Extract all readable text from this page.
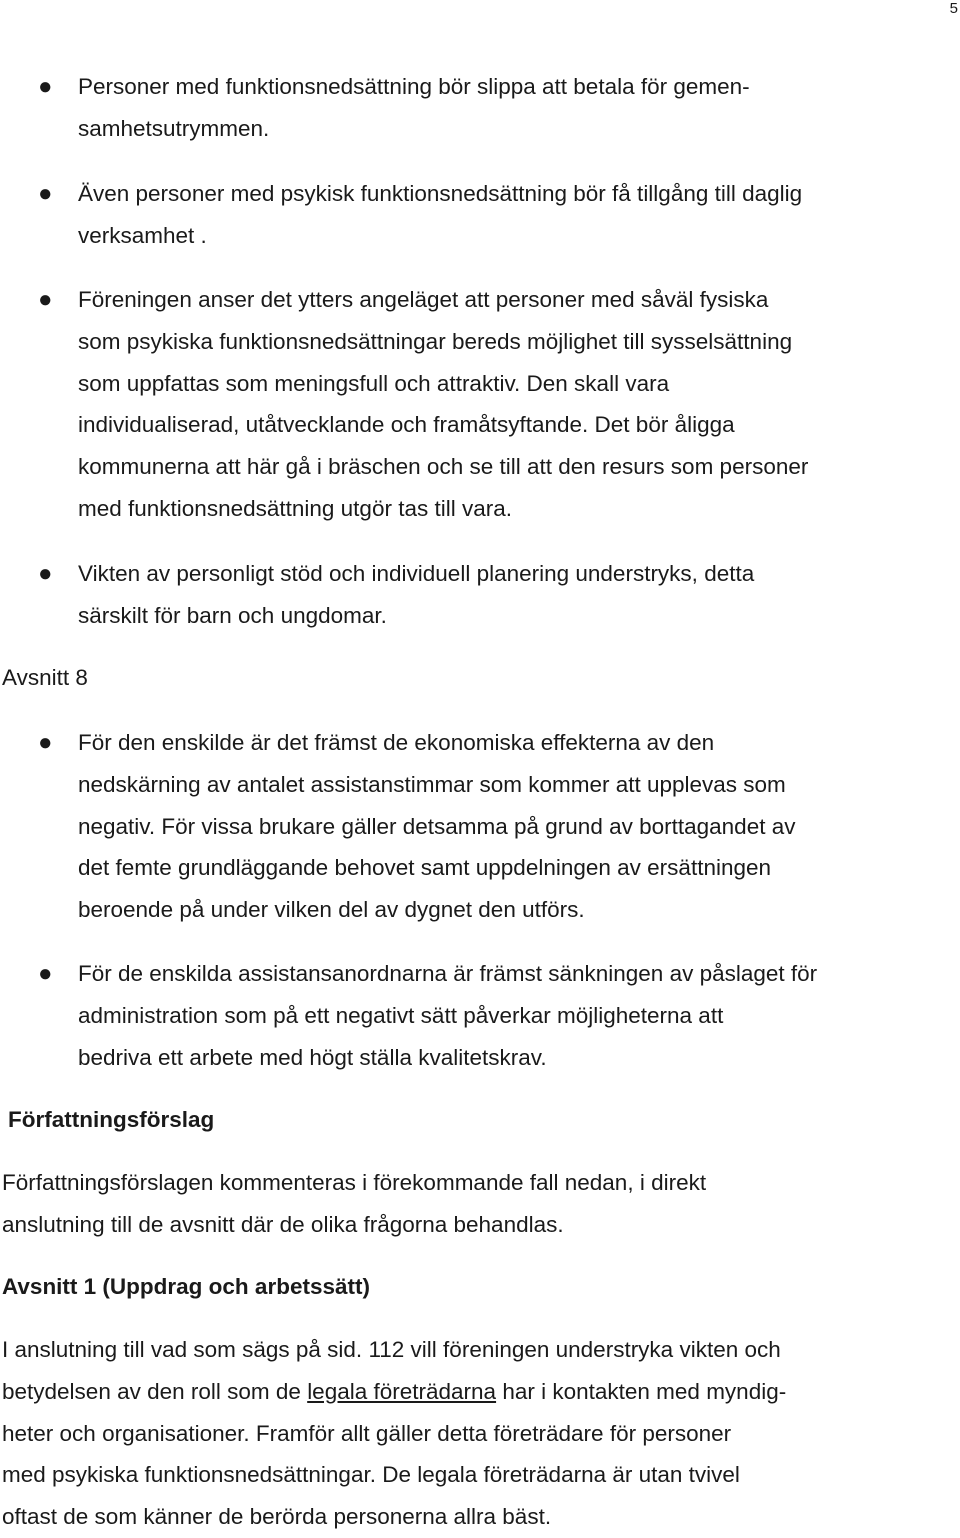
5
● Personer med funktionsnedsättning bör slippa att betala för gemen-
samhetsutrymmen.
● Även personer med psykisk funktionsnedsättning bör få tillgång till daglig
verksamhet .
● Föreningen anser det ytters angeläget att personer med såväl fysiska
som psykiska funktionsnedsättningar bereds möjlighet till sysselsättning
som uppfattas som meningsfull och attraktiv. Den skall vara
individualiserad, utåtvecklande och framåtsyftande. Det bör åligga
kommunerna att här gå i bräschen och se till att den resurs som personer
med funktionsnedsättning utgör tas till vara.
● Vikten av personligt stöd och individuell planering understryks, detta
särskilt för barn och ungdomar.
Avsnitt 8
● För den enskilde är det främst de ekonomiska effekterna av den
nedskärning av antalet assistanstimmar som kommer att upplevas som
negativ. För vissa brukare gäller detsamma på grund av borttagandet av
det femte grundläggande behovet samt uppdelningen av ersättningen
beroende på under vilken del av dygnet den utförs.
● För de enskilda assistansanordnarna är främst sänkningen av påslaget för
administration som på ett negativt sätt påverkar möjligheterna att
bedriva ett arbete med högt ställa kvalitetskrav.
Författningsförslag
Författningsförslagen kommenteras i förekommande fall nedan, i direkt
anslutning till de avsnitt där de olika frågorna behandlas.
Avsnitt 1 (Uppdrag och arbetssätt)
I anslutning till vad som sägs på sid. 112 vill föreningen understryka vikten och
betydelsen av den roll som de legala företrädarna har i kontakten med myndig-
heter och organisationer. Framför allt gäller detta företrädare för personer
med psykiska funktionsnedsättningar. De legala företrädarna är utan tvivel
oftast de som känner de berörda personerna allra bäst.
